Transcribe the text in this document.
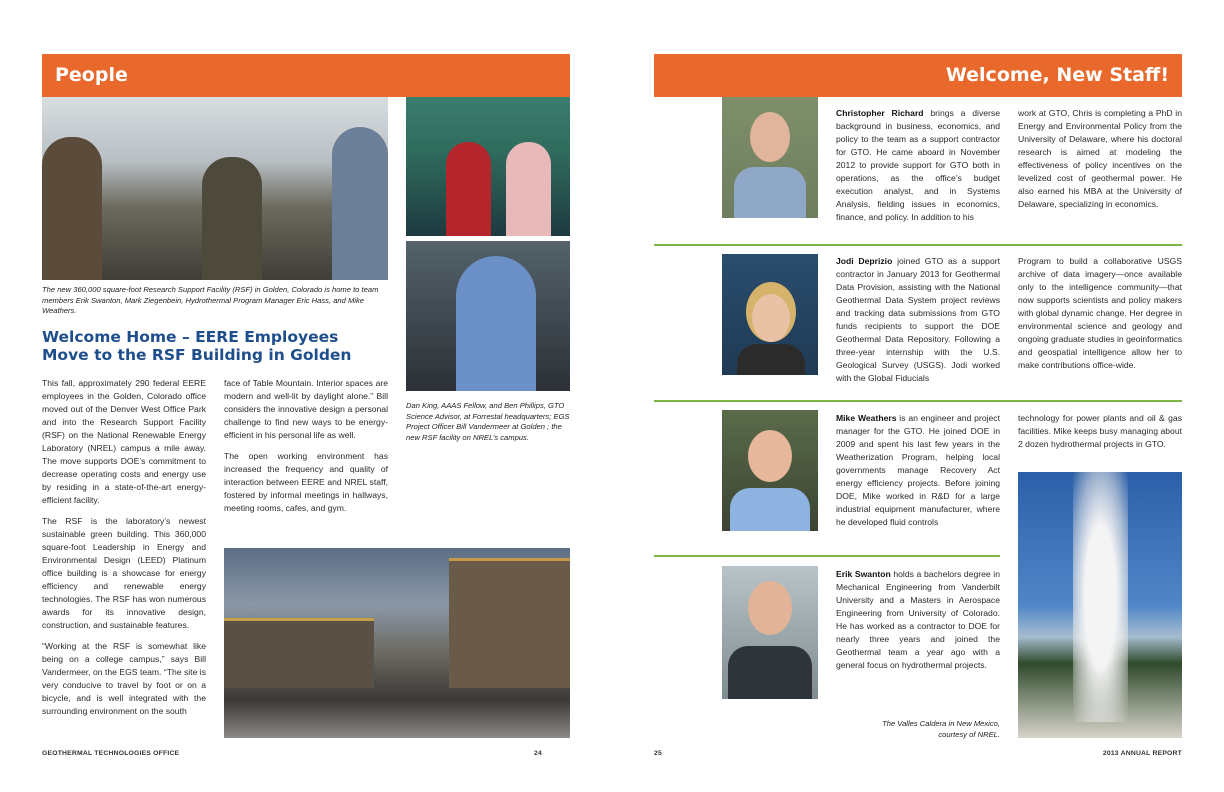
People
The new 360,000 square-foot Research Support Facility (RSF) in Golden, Colorado is home to team members Erik Swanton, Mark Ziegenbein, Hydrothermal Program Manager Eric Hass, and Mike Weathers.
Welcome Home – EERE Employees
Move to the RSF Building in Golden

This fall, approximately 290 federal EERE employees in the Golden, Colorado office moved out of the Denver West Office Park and into the Research Support Facility (RSF) on the National Renewable Energy Laboratory (NREL) campus a mile away. The move supports DOE’s commitment to decrease operating costs and energy use by residing in a state-of-the-art energy-efficient facility.

The RSF is the laboratory’s newest sustainable green building. This 360,000 square-foot Leadership in Energy and Environmental Design (LEED) Platinum office building is a showcase for energy efficiency and renewable energy technologies. The RSF has won numerous awards for its innovative design, construction, and sustainable features.

“Working at the RSF is somewhat like being on a college campus,” says Bill Vandermeer, on the EGS team. “The site is very conducive to travel by foot or on a bicycle, and is well integrated with the surrounding environment on the south

face of Table Mountain. Interior spaces are modern and well-lit by daylight alone.” Bill considers the innovative design a personal challenge to find new ways to be energy-efficient in his personal life as well.

The open working environment has increased the frequency and quality of interaction between EERE and NREL staff, fostered by informal meetings in hallways, meeting rooms, cafes, and gym.

Dan King, AAAS Fellow, and Ben Phillips, GTO Science Advisor, at Forrestal headquarters; EGS Project Officer Bill Vandermeer at Golden ; the new RSF facility on NREL’s campus.
GEOTHERMAL TECHNOLOGIES OFFICE	24
Welcome, New Staff!
Christopher Richard brings a diverse background in business, economics, and policy to the team as a support contractor for GTO. He came aboard in November 2012 to provide support for GTO both in operations, as the office’s budget execution analyst, and in Systems Analysis, fielding issues in economics, finance, and policy. In addition to his
work at GTO, Chris is completing a PhD in Energy and Environmental Policy from the University of Delaware, where his doctoral research is aimed at modeling the effectiveness of policy incentives on the levelized cost of geothermal power. He also earned his MBA at the University of Delaware, specializing in economics.
Jodi Deprizio joined GTO as a support contractor in January 2013 for Geothermal Data Provision, assisting with the National Geothermal Data System project reviews and tracking data submissions from GTO funds recipients to support the DOE Geothermal Data Repository. Following a three-year internship with the U.S. Geological Survey (USGS). Jodi worked with the Global Fiducials
Program to build a collaborative USGS archive of data imagery—once available only to the intelligence community—that now supports scientists and policy makers with global dynamic change. Her degree in environmental science and geology and ongoing graduate studies in geoinformatics and geospatial intelligence allow her to make contributions office-wide.
Mike Weathers is an engineer and project manager for the GTO. He joined DOE in 2009 and spent his last few years in the Weatherization Program, helping local governments manage Recovery Act energy efficiency projects. Before joining DOE, Mike worked in R&D for a large industrial equipment manufacturer, where he developed fluid controls
technology for power plants and oil & gas facilities. Mike keeps busy managing about 2 dozen hydrothermal projects in GTO.
Erik Swanton holds a bachelors degree in Mechanical Engineering from Vanderbilt University and a Masters in Aerospace Engineering from University of Colorado. He has worked as a contractor to DOE for nearly three years and joined the Geothermal team a year ago with a general focus on hydrothermal projects.
The Valles Caldera in New Mexico, courtesy of NREL.
25	2013 ANNUAL REPORT
